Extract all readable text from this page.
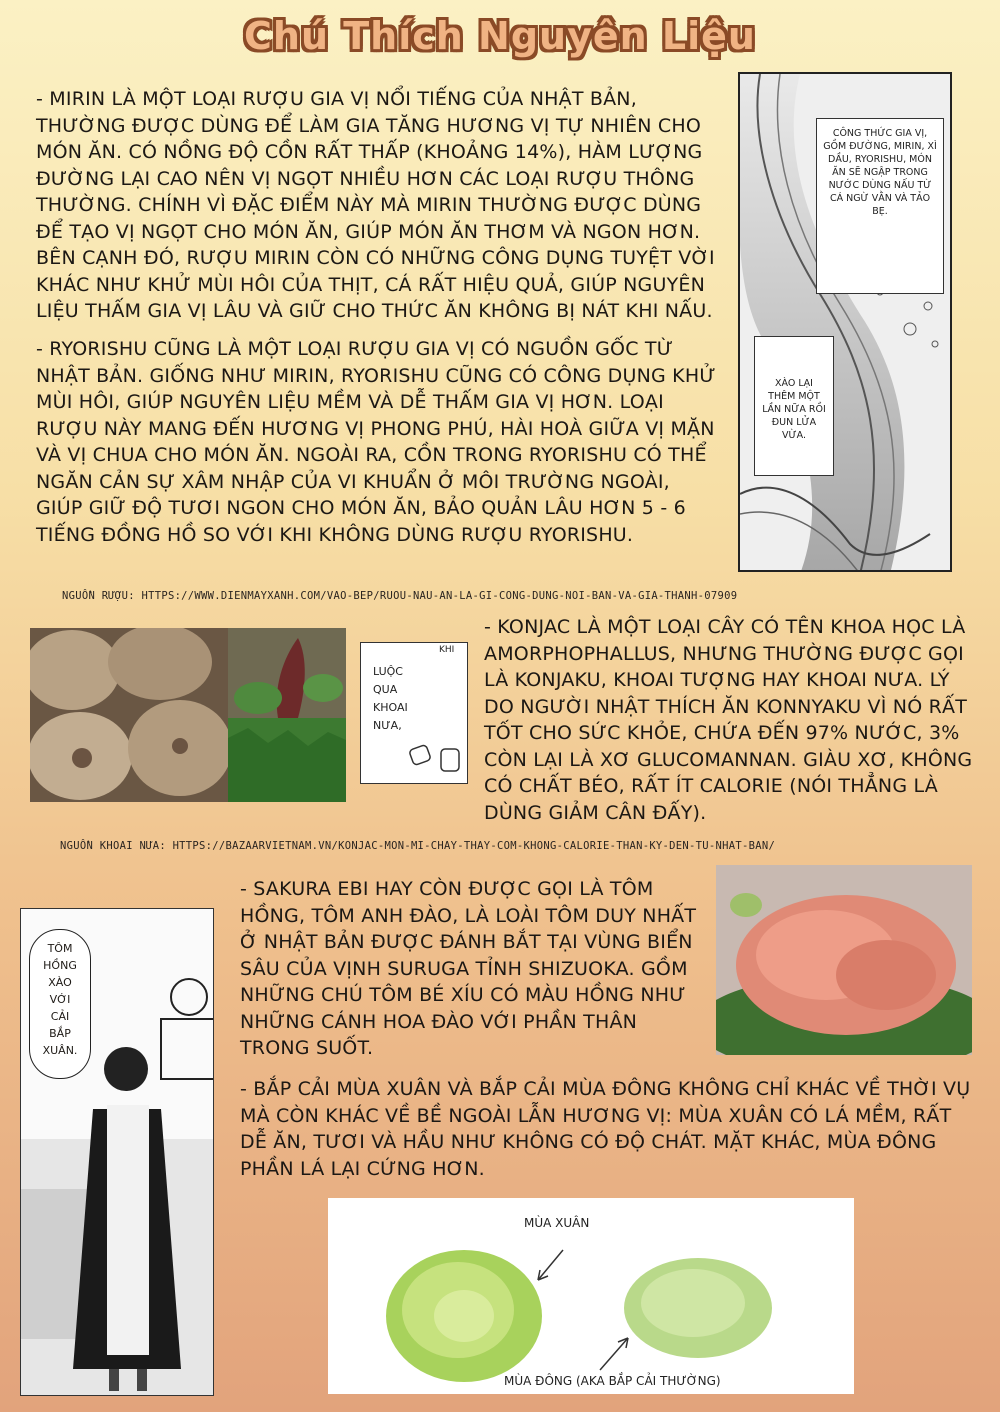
Chú Thích Nguyên Liệu
- MIRIN LÀ MỘT LOẠI RƯỢU GIA VỊ NỔI TIẾNG CỦA NHẬT BẢN, THƯỜNG ĐƯỢC DÙNG ĐỂ LÀM GIA TĂNG HƯƠNG VỊ TỰ NHIÊN CHO MÓN ĂN. CÓ NỒNG ĐỘ CỒN RẤT THẤP (KHOẢNG 14%), HÀM LƯỢNG ĐƯỜNG LẠI CAO NÊN VỊ NGỌT NHIỀU HƠN CÁC LOẠI RƯỢU THÔNG THƯỜNG. CHÍNH VÌ ĐẶC ĐIỂM NÀY MÀ MIRIN THƯỜNG ĐƯỢC DÙNG ĐỂ TẠO VỊ NGỌT CHO MÓN ĂN, GIÚP MÓN ĂN THƠM VÀ NGON HƠN. BÊN CẠNH ĐÓ, RƯỢU MIRIN CÒN CÓ NHỮNG CÔNG DỤNG TUYỆT VỜI KHÁC NHƯ KHỬ MÙI HÔI CỦA THỊT, CÁ RẤT HIỆU QUẢ, GIÚP NGUYÊN LIỆU THẤM GIA VỊ LÂU VÀ GIỮ CHO THỨC ĂN KHÔNG BỊ NÁT KHI NẤU.
- RYORISHU CŨNG LÀ MỘT LOẠI RƯỢU GIA VỊ CÓ NGUỒN GỐC TỪ NHẬT BẢN. GIỐNG NHƯ MIRIN, RYORISHU CŨNG CÓ CÔNG DỤNG KHỬ MÙI HÔI, GIÚP NGUYÊN LIỆU MỀM VÀ DỄ THẤM GIA VỊ HƠN. LOẠI RƯỢU NÀY MANG ĐẾN HƯƠNG VỊ PHONG PHÚ, HÀI HOÀ GIỮA VỊ MẶN VÀ VỊ CHUA CHO MÓN ĂN. NGOÀI RA, CỒN TRONG RYORISHU CÓ THỂ NGĂN CẢN SỰ XÂM NHẬP CỦA VI KHUẨN Ở MÔI TRƯỜNG NGOÀI, GIÚP GIỮ ĐỘ TƯƠI NGON CHO MÓN ĂN, BẢO QUẢN LÂU HƠN 5 - 6 TIẾNG ĐỒNG HỒ SO VỚI KHI KHÔNG DÙNG RƯỢU RYORISHU.
CÔNG THỨC GIA VỊ, GỒM ĐƯỜNG, MIRIN, XÌ DẦU, RYORISHU, MÓN ĂN SẼ NGẬP TRONG NƯỚC DÙNG NẤU TỪ CÁ NGỪ VẰN VÀ TẢO BẸ.
XÀO LẠI THÊM MỘT LẦN NỮA RỒI ĐUN LỬA VỪA.
NGUỒN RƯỢU: HTTPS://WWW.DIENMAYXANH.COM/VAO-BEP/RUOU-NAU-AN-LA-GI-CONG-DUNG-NOI-BAN-VA-GIA-THANH-07909
KHI
LUỘC
QUA
KHOAI
NƯA,
- KONJAC LÀ MỘT LOẠI CÂY CÓ TÊN KHOA HỌC LÀ AMORPHOPHALLUS, NHƯNG THƯỜNG ĐƯỢC GỌI LÀ KONJAKU, KHOAI TƯỢNG HAY KHOAI NƯA. LÝ DO NGƯỜI NHẬT THÍCH ĂN KONNYAKU VÌ NÓ RẤT TỐT CHO SỨC KHỎE, CHỨA ĐẾN 97% NƯỚC, 3% CÒN LẠI LÀ XƠ GLUCOMANNAN. GIÀU XƠ, KHÔNG CÓ CHẤT BÉO, RẤT ÍT CALORIE (NÓI THẲNG LÀ DÙNG GIẢM CÂN ĐẤY).
NGUỒN KHOAI NƯA: HTTPS://BAZAARVIETNAM.VN/KONJAC-MON-MI-CHAY-THAY-COM-KHONG-CALORIE-THAN-KY-DEN-TU-NHAT-BAN/
TÔM
HỒNG
XÀO
VỚI
CẢI
BẮP
XUÂN.
- SAKURA EBI HAY CÒN ĐƯỢC GỌI LÀ TÔM HỒNG, TÔM ANH ĐÀO, LÀ LOÀI TÔM DUY NHẤT Ở NHẬT BẢN ĐƯỢC ĐÁNH BẮT TẠI VÙNG BIỂN SÂU CỦA VỊNH SURUGA TỈNH SHIZUOKA. GỒM NHỮNG CHÚ TÔM BÉ XÍU CÓ MÀU HỒNG NHƯ NHỮNG CÁNH HOA ĐÀO VỚI PHẦN THÂN TRONG SUỐT.
- BẮP CẢI MÙA XUÂN VÀ BẮP CẢI MÙA ĐÔNG KHÔNG CHỈ KHÁC VỀ THỜI VỤ MÀ CÒN KHÁC VỀ BỀ NGOÀI LẪN HƯƠNG VỊ: MÙA XUÂN CÓ LÁ MỀM, RẤT DỄ ĂN, TƯƠI VÀ HẦU NHƯ KHÔNG CÓ ĐỘ CHÁT. MẶT KHÁC, MÙA ĐÔNG PHẦN LÁ LẠI CỨNG HƠN.
MÙA XUÂN
MÙA ĐÔNG (AKA BẮP CẢI THƯỜNG)
